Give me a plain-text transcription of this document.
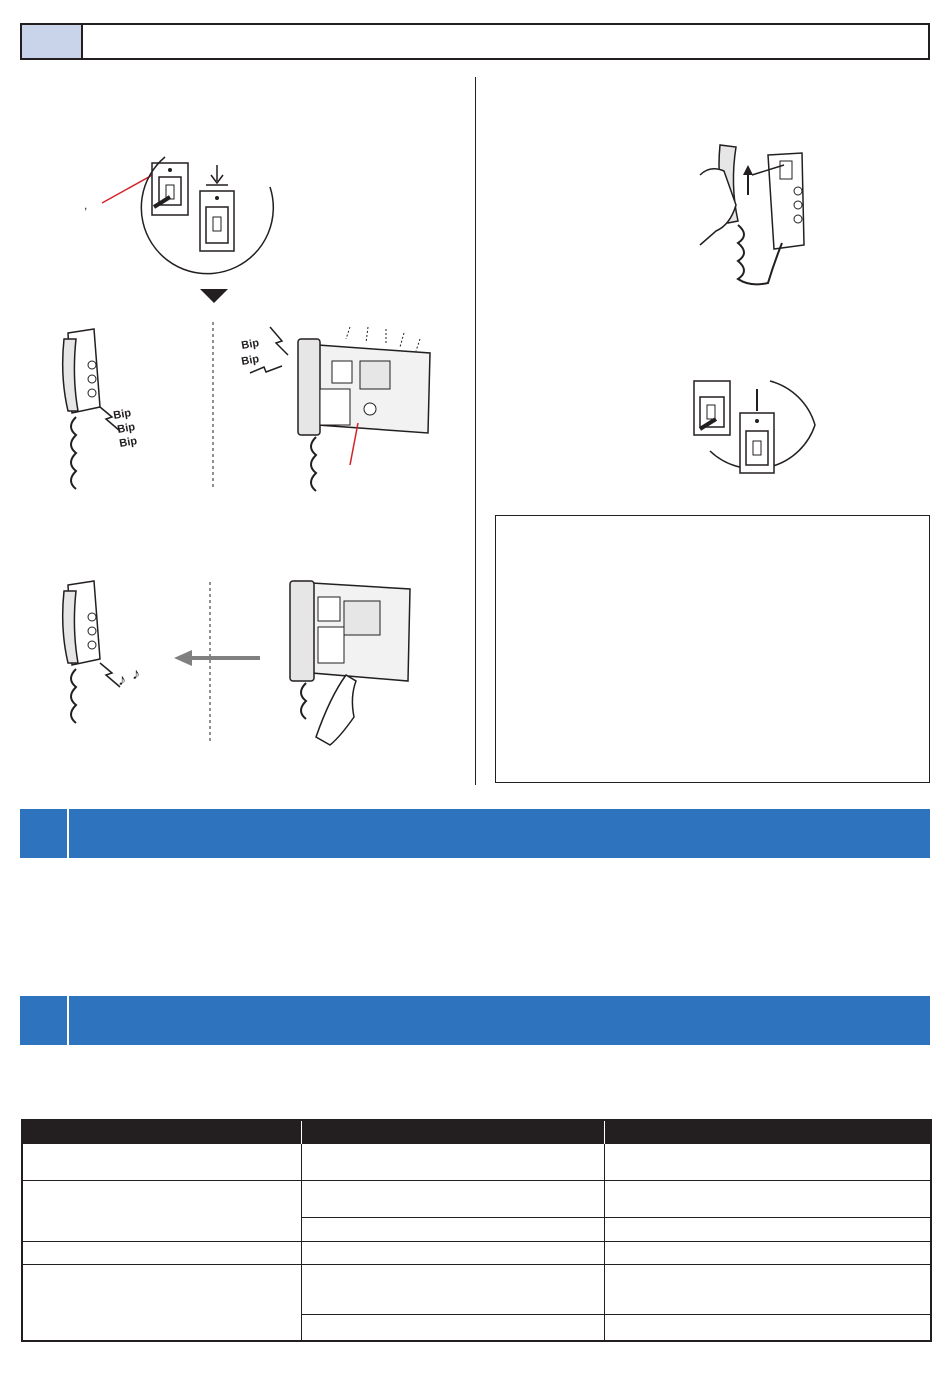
,
Bip
Bip
Bip
Bip
Bip
♪ ♪
